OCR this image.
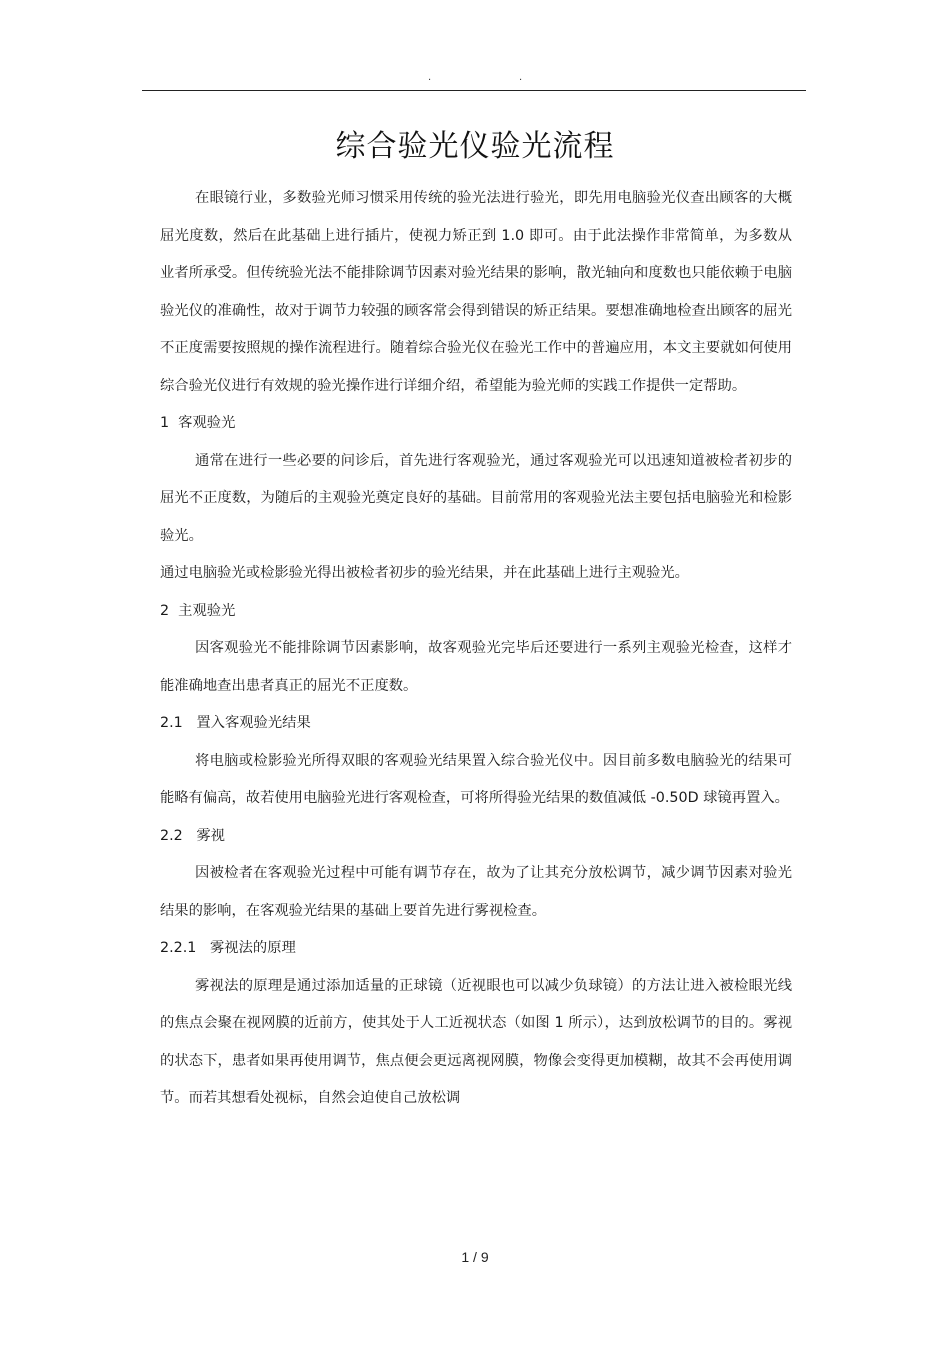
.	.
综合验光仪验光流程

在眼镜行业，多数验光师习惯采用传统的验光法进行验光，即先用电脑验光仪查出顾客的大概屈光度数，然后在此基础上进行插片，使视力矫正到 1.0 即可。由于此法操作非常简单，为多数从业者所承受。但传统验光法不能排除调节因素对验光结果的影响，散光轴向和度数也只能依赖于电脑验光仪的准确性，故对于调节力较强的顾客常会得到错误的矫正结果。要想准确地检查出顾客的屈光不正度需要按照规的操作流程进行。随着综合验光仪在验光工作中的普遍应用，本文主要就如何使用综合验光仪进行有效规的验光操作进行详细介绍，希望能为验光师的实践工作提供一定帮助。

1  客观验光

通常在进行一些必要的问诊后，首先进行客观验光，通过客观验光可以迅速知道被检者初步的屈光不正度数，为随后的主观验光奠定良好的基础。目前常用的客观验光法主要包括电脑验光和检影验光。

通过电脑验光或检影验光得出被检者初步的验光结果，并在此基础上进行主观验光。

2  主观验光

因客观验光不能排除调节因素影响，故客观验光完毕后还要进行一系列主观验光检查，这样才能准确地查出患者真正的屈光不正度数。

2.1   置入客观验光结果

将电脑或检影验光所得双眼的客观验光结果置入综合验光仪中。因目前多数电脑验光的结果可能略有偏高，故若使用电脑验光进行客观检查，可将所得验光结果的数值减低 -0.50D 球镜再置入。

2.2   雾视

因被检者在客观验光过程中可能有调节存在，故为了让其充分放松调节，减少调节因素对验光结果的影响，在客观验光结果的基础上要首先进行雾视检查。

2.2.1   雾视法的原理

雾视法的原理是通过添加适量的正球镜（近视眼也可以减少负球镜）的方法让进入被检眼光线的焦点会聚在视网膜的近前方，使其处于人工近视状态（如图 1 所示），达到放松调节的目的。雾视的状态下，患者如果再使用调节，焦点便会更远离视网膜，物像会变得更加模糊，故其不会再使用调节。而若其想看处视标，自然会迫使自己放松调

1 / 9
